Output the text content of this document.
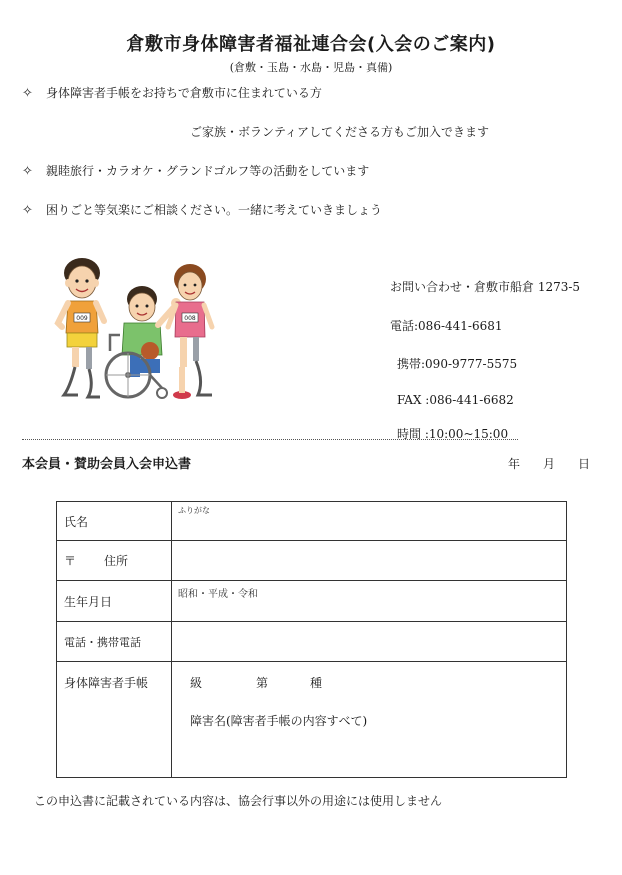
倉敷市身体障害者福祉連合会(入会のご案内)
(倉敷・玉島・水島・児島・真備)
✧ 身体障害者手帳をお持ちで倉敷市に住まれている方
ご家族・ボランティアしてくださる方もご加入できます
✧ 親睦旅行・カラオケ・グランドゴルフ等の活動をしています
✧ 困りごと等気楽にご相談ください。一緒に考えていきましょう
009	008
お問い合わせ・倉敷市船倉 1273-5
電話:086-441-6681
携帯:090-9777-5575
FAX :086-441-6682
時間 :10:00~15:00
本会員・賛助会員入会申込書	年 月 日
氏名	ふりがな

〒 住所	
生年月日	昭和・平成・令和

電話・携帯電話	
身体障害者手帳	級 第 種
障害名(障害者手帳の内容すべて)
この申込書に記載されている内容は、協会行事以外の用途には使用しません
